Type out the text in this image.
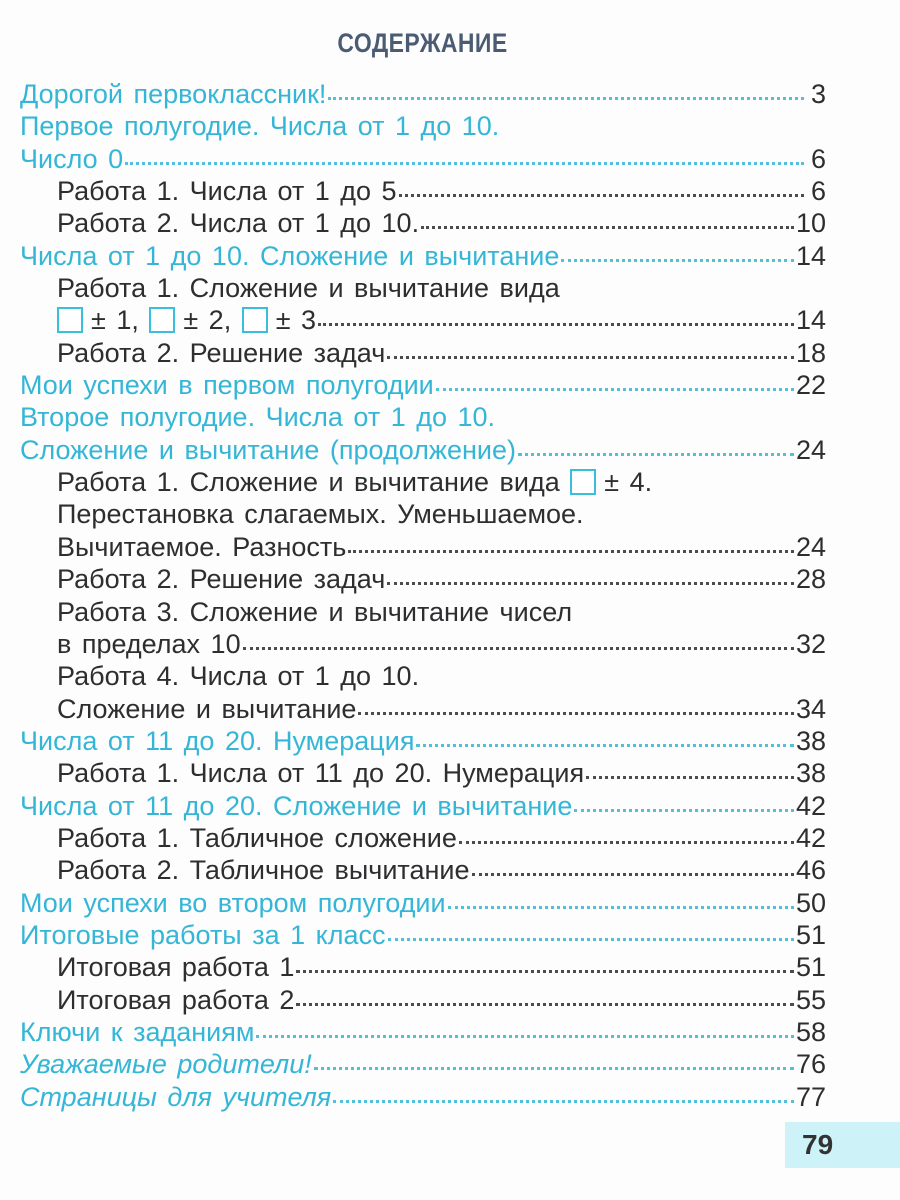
СОДЕРЖАНИЕ
Дорогой первоклассник!	3
Первое полугодие. Числа от 1 до 10.
Число 0	6
Работа 1. Числа от 1 до 5	6
Работа 2. Числа от 1 до 10.	10
Числа от 1 до 10. Сложение и вычитание	14
Работа 1. Сложение и вычитание вида
± 1, ± 2, ± 3	14
Работа 2. Решение задач	18
Мои успехи в первом полугодии	22
Второе полугодие. Числа от 1 до 10.
Сложение и вычитание (продолжение)	24
Работа 1. Сложение и вычитание вида ± 4.
Перестановка слагаемых. Уменьшаемое.
Вычитаемое. Разность	24
Работа 2. Решение задач	28
Работа 3. Сложение и вычитание чисел
в пределах 10	32
Работа 4. Числа от 1 до 10.
Сложение и вычитание	34
Числа от 11 до 20. Нумерация	38
Работа 1. Числа от 11 до 20. Нумерация	38
Числа от 11 до 20. Сложение и вычитание	42
Работа 1. Табличное сложение	42
Работа 2. Табличное вычитание	46
Мои успехи во втором полугодии	50
Итоговые работы за 1 класс	51
Итоговая работа 1	51
Итоговая работа 2	55
Ключи к заданиям	58
Уважаемые родители!	76
Страницы для учителя	77
79
